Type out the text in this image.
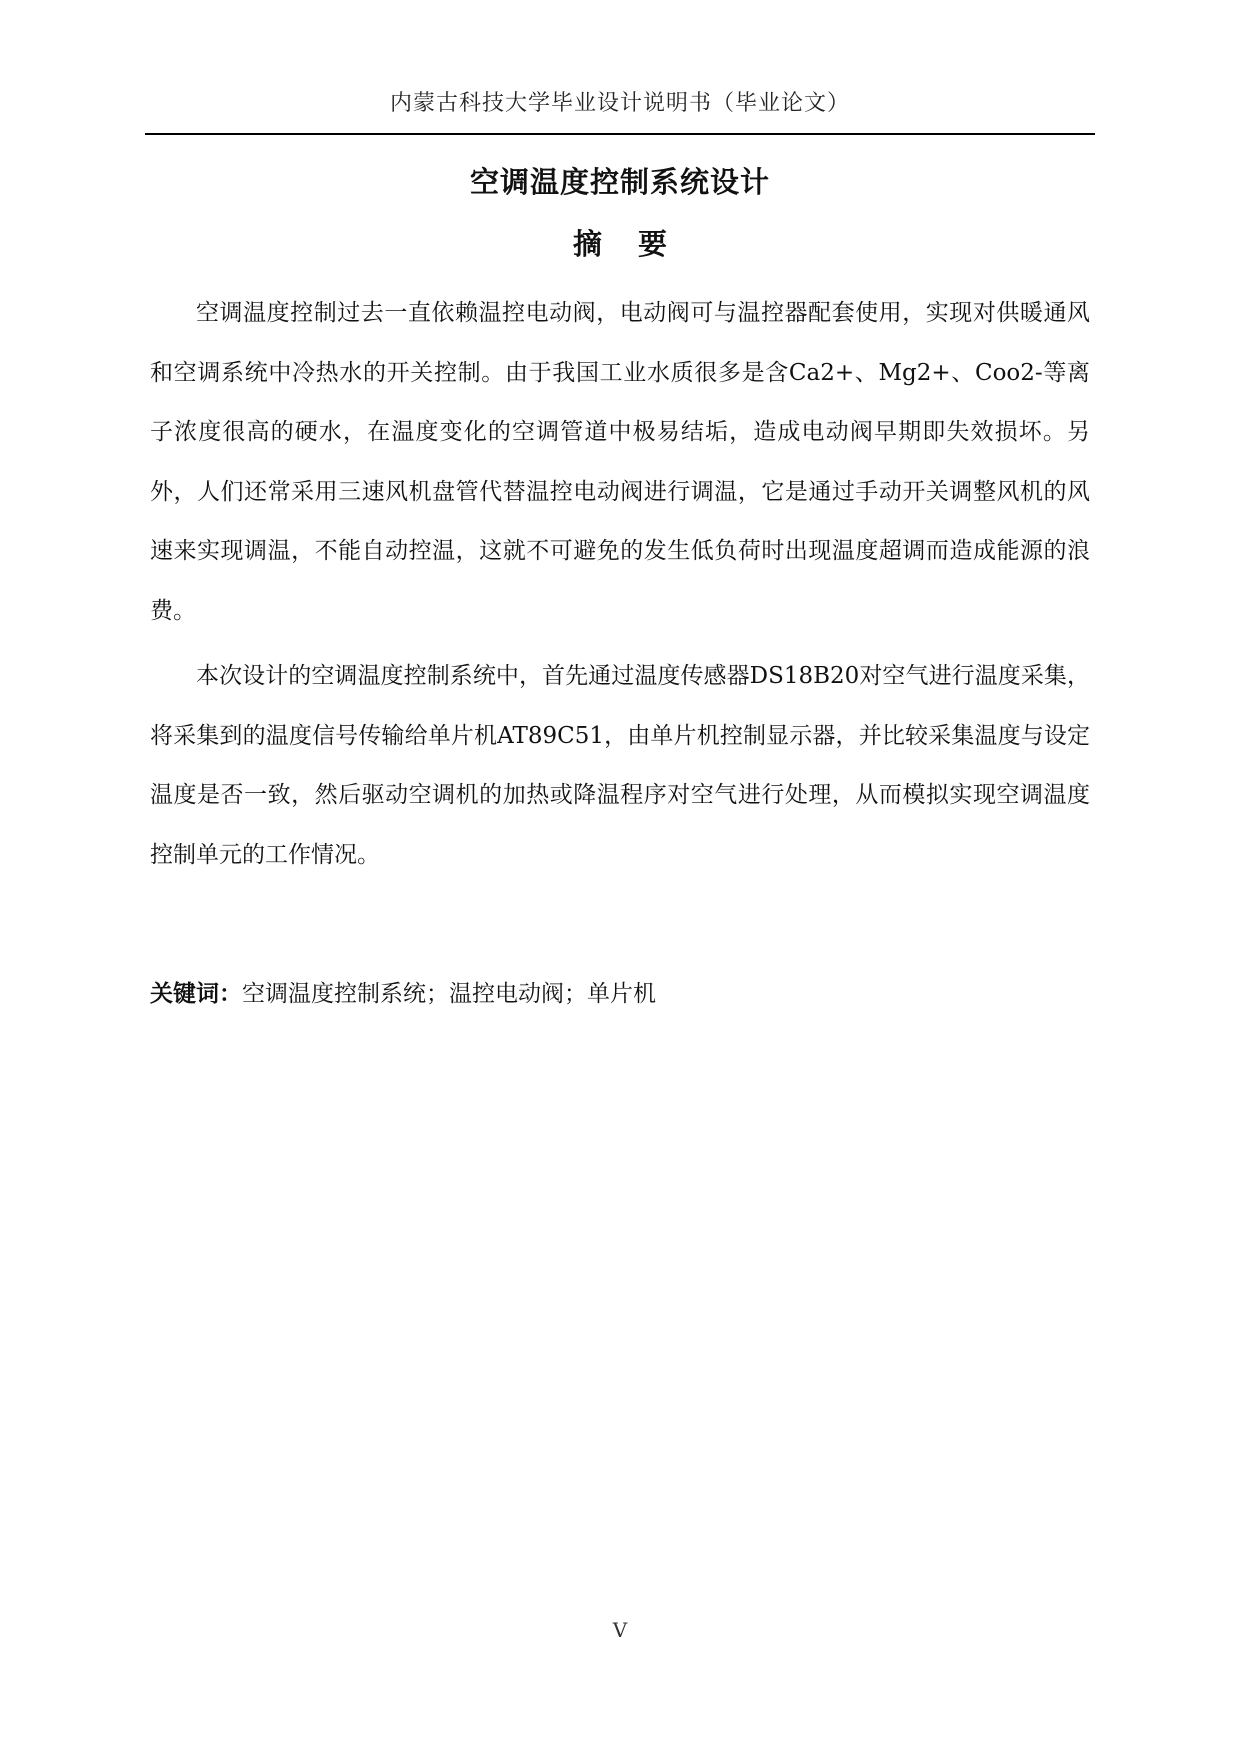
内蒙古科技大学毕业设计说明书（毕业论文）
空调温度控制系统设计
摘要

空调温度控制过去一直依赖温控电动阀，电动阀可与温控器配套使用，实现对供暖通风和空调系统中冷热水的开关控制。由于我国工业水质很多是含Ca2+、Mg2+、Coo2-等离子浓度很高的硬水，在温度变化的空调管道中极易结垢，造成电动阀早期即失效损坏。另外，人们还常采用三速风机盘管代替温控电动阀进行调温，它是通过手动开关调整风机的风速来实现调温，不能自动控温，这就不可避免的发生低负荷时出现温度超调而造成能源的浪费。

本次设计的空调温度控制系统中，首先通过温度传感器DS18B20对空气进行温度采集，将采集到的温度信号传输给单片机AT89C51，由单片机控制显示器，并比较采集温度与设定温度是否一致，然后驱动空调机的加热或降温程序对空气进行处理，从而模拟实现空调温度控制单元的工作情况。

关键词：空调温度控制系统；温控电动阀；单片机
V
